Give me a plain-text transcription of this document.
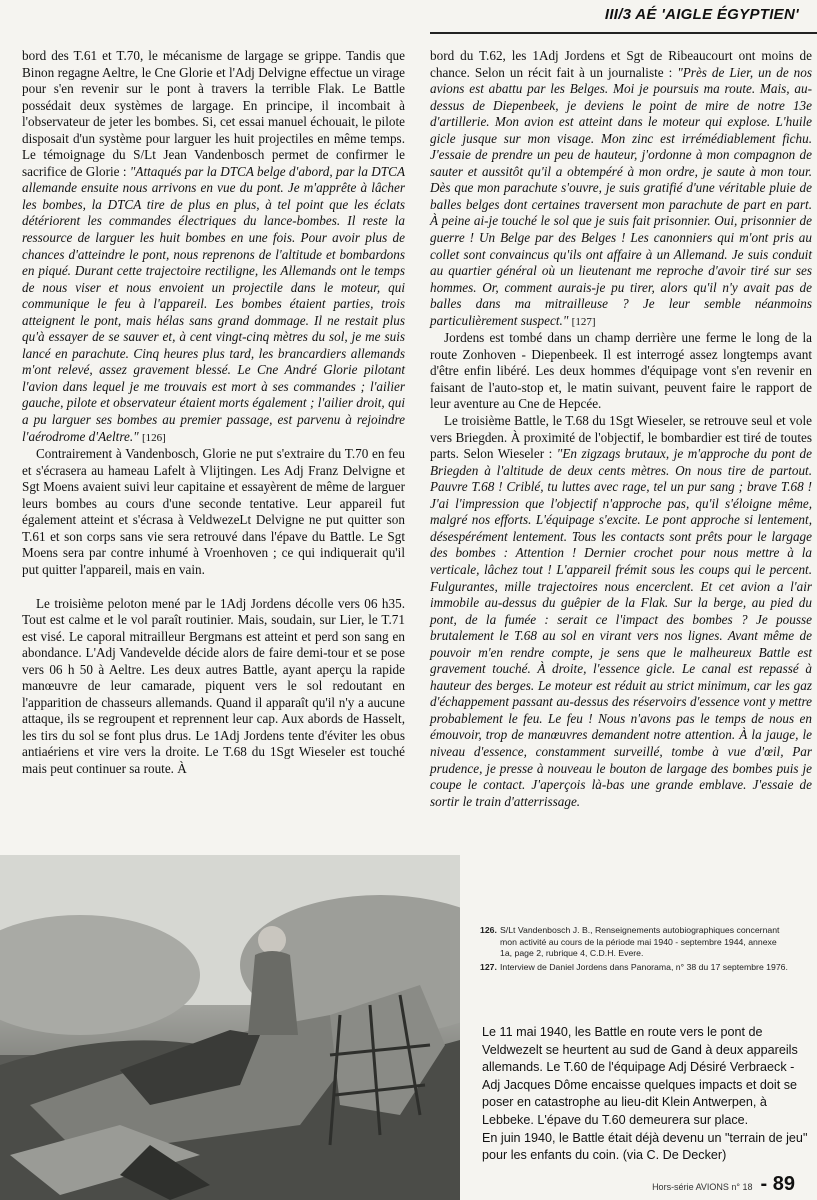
III/3 AÉ 'AIGLE ÉGYPTIEN'

bord des T.61 et T.70, le mécanisme de largage se grippe. Tandis que Binon regagne Aeltre, le Cne Glorie et l'Adj Delvigne effectue un virage pour s'en revenir sur le pont à travers la terrible Flak. Le Battle possédait deux systèmes de largage. En principe, il incombait à l'observateur de jeter les bombes. Si, cet essai manuel échouait, le pilote disposait d'un système pour larguer les huit projectiles en même temps. Le témoignage du S/Lt Jean Vandenbosch permet de confirmer le sacrifice de Glorie : "Attaqués par la DTCA belge d'abord, par la DTCA allemande ensuite nous arrivons en vue du pont. Je m'apprête à lâcher les bombes, la DTCA tire de plus en plus, à tel point que les éclats détériorent les commandes électriques du lance-bombes. Il reste la ressource de larguer les huit bombes en une fois. Pour avoir plus de chances d'atteindre le pont, nous reprenons de l'altitude et bombardons en piqué. Durant cette trajectoire rectiligne, les Allemands ont le temps de nous viser et nous envoient un projectile dans le moteur, qui communique le feu à l'appareil. Les bombes étaient parties, trois atteignent le pont, mais hélas sans grand dommage. Il ne restait plus qu'à essayer de se sauver et, à cent vingt-cinq mètres du sol, je me suis lancé en parachute. Cinq heures plus tard, les brancardiers allemands m'ont relevé, assez gravement blessé. Le Cne André Glorie pilotant l'avion dans lequel je me trouvais est mort à ses commandes ; l'ailier gauche, pilote et observateur étaient morts également ; l'ailier droit, qui a pu larguer ses bombes au premier passage, est parvenu à rejoindre l'aérodrome d'Aeltre." [126]

Contrairement à Vandenbosch, Glorie ne put s'extraire du T.70 en feu et s'écrasera au hameau Lafelt à Vlijtingen. Les Adj Franz Delvigne et Sgt Moens avaient suivi leur capitaine et essayèrent de même de larguer leurs bombes au cours d'une seconde tentative. Leur appareil fut également atteint et s'écrasa à VeldwezeLt Delvigne ne put quitter son T.61 et son corps sans vie sera retrouvé dans l'épave du Battle. Le Sgt Moens sera par contre inhumé à Vroenhoven ; ce qui indiquerait qu'il put quitter l'appareil, mais en vain.

Le troisième peloton mené par le 1Adj Jordens décolle vers 06 h35. Tout est calme et le vol paraît routinier. Mais, soudain, sur Lier, le T.71 est visé. Le caporal mitrailleur Bergmans est atteint et perd son sang en abondance. L'Adj Vandevelde décide alors de faire demi-tour et se pose vers 06 h 50 à Aeltre. Les deux autres Battle, ayant aperçu la rapide manœuvre de leur camarade, piquent vers le sol redoutant en l'apparition de chasseurs allemands. Quand il apparaît qu'il n'y a aucune attaque, ils se regroupent et reprennent leur cap. Aux abords de Hasselt, les tirs du sol se font plus drus. Le 1Adj Jordens tente d'éviter les obus antiaériens et vire vers la droite. Le T.68 du 1Sgt Wieseler est touché mais peut continuer sa route. À

bord du T.62, les 1Adj Jordens et Sgt de Ribeaucourt ont moins de chance. Selon un récit fait à un journaliste : "Près de Lier, un de nos avions est abattu par les Belges. Moi je poursuis ma route. Mais, au-dessus de Diepenbeek, je deviens le point de mire de notre 13e d'artillerie. Mon avion est atteint dans le moteur qui explose. L'huile gicle jusque sur mon visage. Mon zinc est irrémédiablement fichu. J'essaie de prendre un peu de hauteur, j'ordonne à mon compagnon de sauter et aussitôt qu'il a obtempéré à mon ordre, je saute à mon tour. Dès que mon parachute s'ouvre, je suis gratifié d'une véritable pluie de balles belges dont certaines traversent mon parachute de part en part. À peine ai-je touché le sol que je suis fait prisonnier. Oui, prisonnier de guerre ! Un Belge par des Belges ! Les canonniers qui m'ont pris au collet sont convaincus qu'ils ont affaire à un Allemand. Je suis conduit au quartier général où un lieutenant me reproche d'avoir tiré sur ses hommes. Or, comment aurais-je pu tirer, alors qu'il n'y avait pas de balles dans ma mitrailleuse ? Je leur semble néanmoins particulièrement suspect." [127]

Jordens est tombé dans un champ derrière une ferme le long de la route Zonhoven - Diepenbeek. Il est interrogé assez longtemps avant d'être enfin libéré. Les deux hommes d'équipage vont s'en revenir en faisant de l'auto-stop et, le matin suivant, peuvent faire le rapport de leur aventure au Cne de Hepcée.

Le troisième Battle, le T.68 du 1Sgt Wieseler, se retrouve seul et vole vers Briegden. À proximité de l'objectif, le bombardier est tiré de toutes parts. Selon Wieseler : "En zigzags brutaux, je m'approche du pont de Briegden à l'altitude de deux cents mètres. On nous tire de partout. Pauvre T.68 ! Criblé, tu luttes avec rage, tel un pur sang ; brave T.68 ! J'ai l'impression que l'objectif n'approche pas, qu'il s'éloigne même, malgré nos efforts. L'équipage s'excite. Le pont approche si lentement, désespérément lentement. Tous les contacts sont prêts pour le largage des bombes : Attention ! Dernier crochet pour nous mettre à la verticale, lâchez tout ! L'appareil frémit sous les coups qui le percent. Fulgurantes, mille trajectoires nous encerclent. Et cet avion a l'air immobile au-dessus du guêpier de la Flak. Sur la berge, au pied du pont, de la fumée : serait ce l'impact des bombes ? Je pousse brutalement le T.68 au sol en virant vers nos lignes. Avant même de pouvoir m'en rendre compte, je sens que le malheureux Battle est gravement touché. À droite, l'essence gicle. Le canal est repassé à hauteur des berges. Le moteur est réduit au strict minimum, car les gaz d'échappement passant au-dessus des réservoirs d'essence vont y mettre probablement le feu. Le feu ! Nous n'avons pas le temps de nous en émouvoir, trop de manœuvres demandent notre attention. À la jauge, le niveau d'essence, constamment surveillé, tombe à vue d'œil, Par prudence, je presse à nouveau le bouton de largage des bombes puis je coupe le contact. J'aperçois là-bas une grande emblave. J'essaie de sortir le train d'atterrissage.

126. S/Lt Vandenbosch J. B., Renseignements autobiographiques concernant mon activité au cours de la période mai 1940 - septembre 1944, annexe 1a, page 2, rubrique 4, C.D.H. Evere.
127. Interview de Daniel Jordens dans Panorama, n° 38 du 17 septembre 1976.

Le 11 mai 1940, les Battle en route vers le pont de Veldwezelt se heurtent au sud de Gand à deux appareils allemands. Le T.60 de l'équipage Adj Désiré Verbraeck - Adj Jacques Dôme encaisse quelques impacts et doit se poser en catastrophe au lieu-dit Klein Antwerpen, à Lebbeke. L'épave du T.60 demeurera sur place.

En juin 1940, le Battle était déjà devenu un "terrain de jeu" pour les enfants du coin. (via C. De Decker)

Hors-série AVIONS n° 18 - 89
